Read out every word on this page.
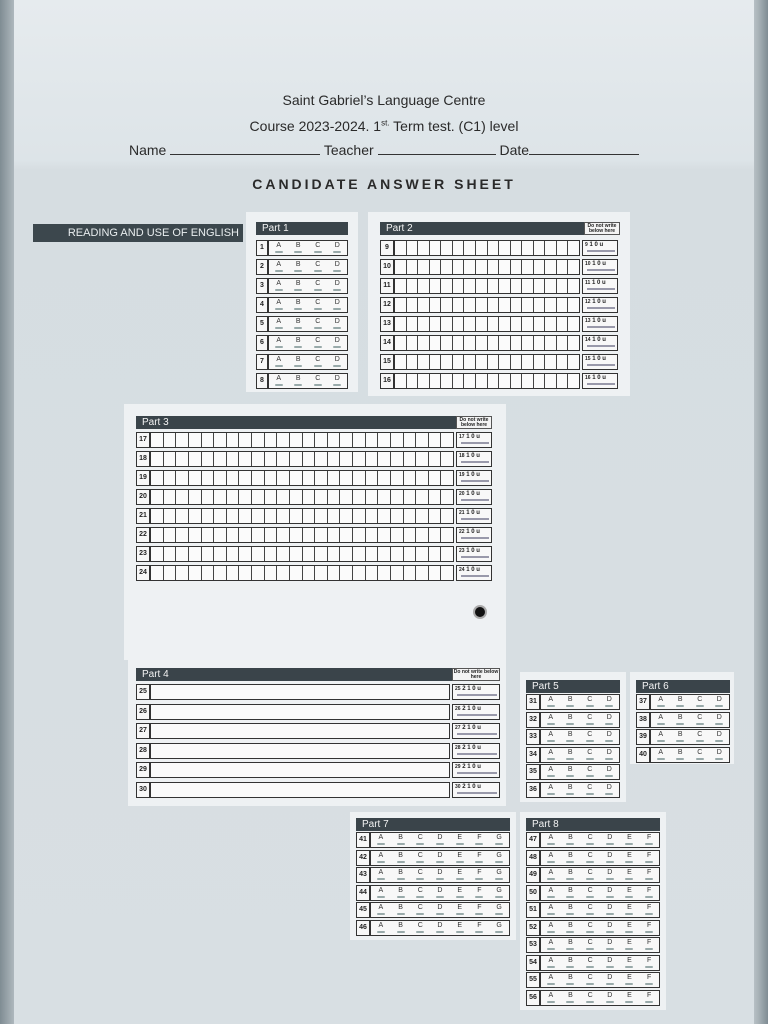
Saint Gabriel’s Language Centre
Course 2023-2024. $1^{st.}$ Term test. (C1) level
Name	Teacher	Date
CANDIDATE ANSWER SHEET
READING AND USE OF ENGLISH	Part 1
1	A	B	C	D
2	A	B	C	D
3	A	B	C	D
4	A	B	C	D
5	A	B	C	D
6	A	B	C	D
7	A	B	C	D
8	A	B	C	D
Part 2	Do not write below here
9	$^9$ 1 0 u
10	$^{10}$ 1 0 u
11	$^{11}$ 1 0 u
12	$^{12}$ 1 0 u
13	$^{13}$ 1 0 u
14	$^{14}$ 1 0 u
15	$^{15}$ 1 0 u
16	$^{16}$ 1 0 u
Part 3	Do not write below here
17	$^{17}$ 1 0 u
18	$^{18}$ 1 0 u
19	$^{19}$ 1 0 u
20	$^{20}$ 1 0 u
21	$^{21}$ 1 0 u
22	$^{22}$ 1 0 u
23	$^{23}$ 1 0 u
24	$^{24}$ 1 0 u
Part 4	Do not write below here
25	$^{25}$ 2 1 0 u
26	$^{26}$ 2 1 0 u
27	$^{27}$ 2 1 0 u
28	$^{28}$ 2 1 0 u
29	$^{29}$ 2 1 0 u
30	$^{30}$ 2 1 0 u
Part 5
31	A	B	C	D
32	A	B	C	D
33	A	B	C	D
34	A	B	C	D
35	A	B	C	D
36	A	B	C	D
Part 6
37	A	B	C	D
38	A	B	C	D
39	A	B	C	D
40	A	B	C	D
Part 7
41	A	B	C	D	E	F	G
42	A	B	C	D	E	F	G
43	A	B	C	D	E	F	G
44	A	B	C	D	E	F	G
45	A	B	C	D	E	F	G
46	A	B	C	D	E	F	G
Part 8
47	A	B	C	D	E	F
48	A	B	C	D	E	F
49	A	B	C	D	E	F
50	A	B	C	D	E	F
51	A	B	C	D	E	F
52	A	B	C	D	E	F
53	A	B	C	D	E	F
54	A	B	C	D	E	F
55	A	B	C	D	E	F
56	A	B	C	D	E	F
